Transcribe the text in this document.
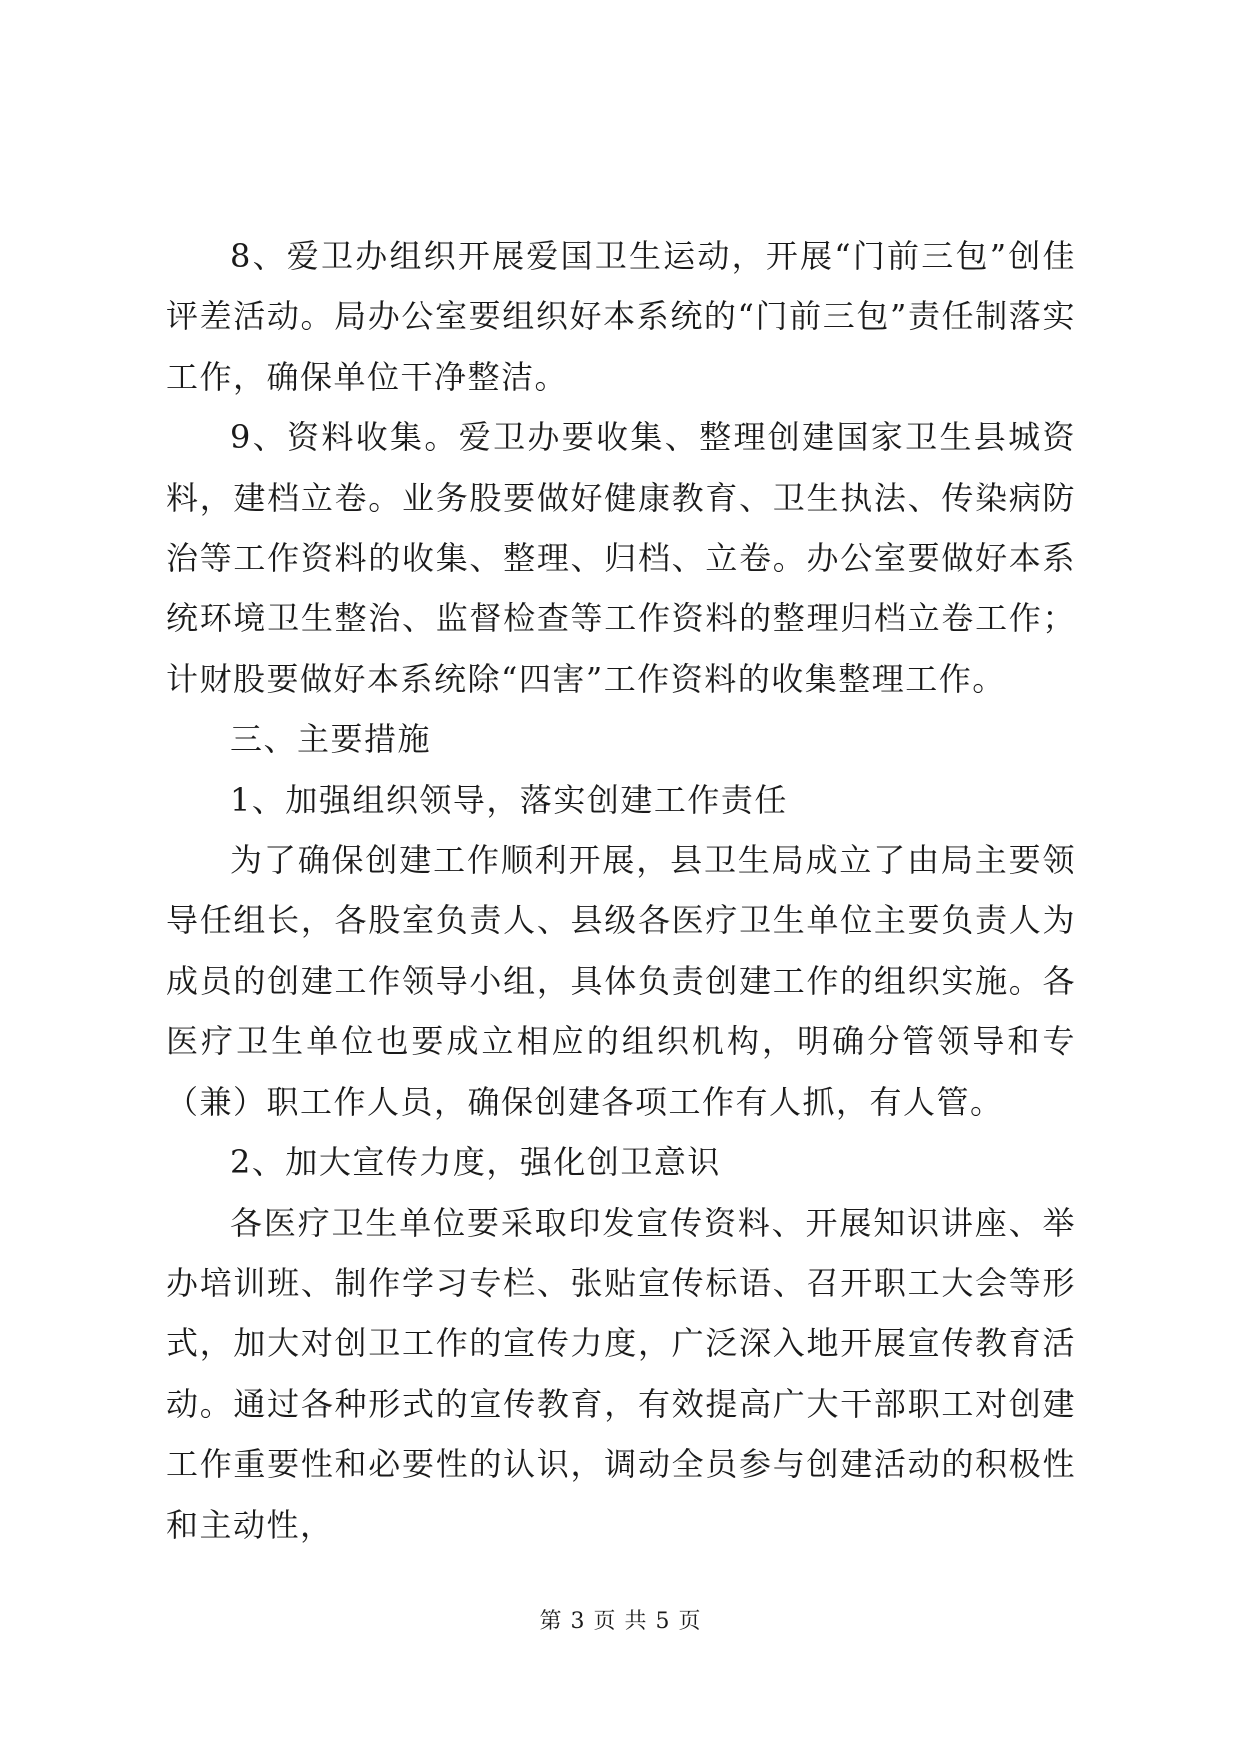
8、爱卫办组织开展爱国卫生运动，开展“门前三包”创佳评差活动。局办公室要组织好本系统的“门前三包”责任制落实工作，确保单位干净整洁。

9、资料收集。爱卫办要收集、整理创建国家卫生县城资料，建档立卷。业务股要做好健康教育、卫生执法、传染病防治等工作资料的收集、整理、归档、立卷。办公室要做好本系统环境卫生整治、监督检查等工作资料的整理归档立卷工作；计财股要做好本系统除“四害”工作资料的收集整理工作。

三、主要措施

1、加强组织领导，落实创建工作责任

为了确保创建工作顺利开展，县卫生局成立了由局主要领导任组长，各股室负责人、县级各医疗卫生单位主要负责人为成员的创建工作领导小组，具体负责创建工作的组织实施。各医疗卫生单位也要成立相应的组织机构，明确分管领导和专（兼）职工作人员，确保创建各项工作有人抓，有人管。

2、加大宣传力度，强化创卫意识

各医疗卫生单位要采取印发宣传资料、开展知识讲座、举办培训班、制作学习专栏、张贴宣传标语、召开职工大会等形式，加大对创卫工作的宣传力度，广泛深入地开展宣传教育活动。通过各种形式的宣传教育，有效提高广大干部职工对创建工作重要性和必要性的认识，调动全员参与创建活动的积极性和主动性，

第 3 页 共 5 页
